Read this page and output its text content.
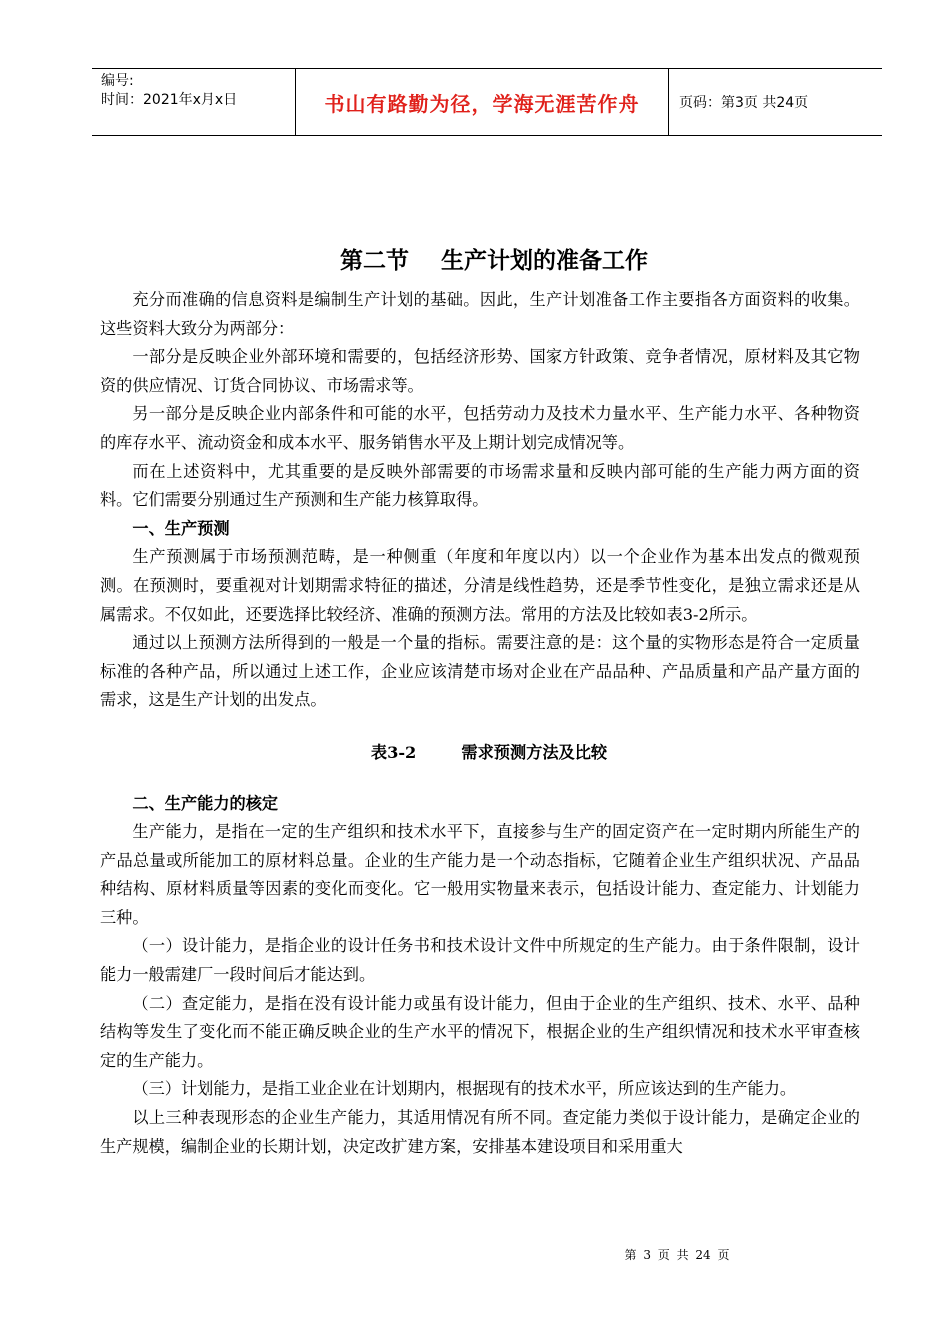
编号:
时间：2021年x月x日	书山有路勤为径，学海无涯苦作舟	页码：第3页 共24页
第二节    生产计划的准备工作

充分而准确的信息资料是编制生产计划的基础。因此，生产计划准备工作主要指各方面资料的收集。这些资料大致分为两部分：

一部分是反映企业外部环境和需要的，包括经济形势、国家方针政策、竞争者情况，原材料及其它物资的供应情况、订货合同协议、市场需求等。

另一部分是反映企业内部条件和可能的水平，包括劳动力及技术力量水平、生产能力水平、各种物资的库存水平、流动资金和成本水平、服务销售水平及上期计划完成情况等。

而在上述资料中，尤其重要的是反映外部需要的市场需求量和反映内部可能的生产能力两方面的资料。它们需要分别通过生产预测和生产能力核算取得。

一、生产预测

生产预测属于市场预测范畴，是一种侧重（年度和年度以内）以一个企业作为基本出发点的微观预测。在预测时，要重视对计划期需求特征的描述，分清是线性趋势，还是季节性变化，是独立需求还是从属需求。不仅如此，还要选择比较经济、准确的预测方法。常用的方法及比较如表3-2所示。

通过以上预测方法所得到的一般是一个量的指标。需要注意的是：这个量的实物形态是符合一定质量标准的各种产品，所以通过上述工作，企业应该清楚市场对企业在产品品种、产品质量和产品产量方面的需求，这是生产计划的出发点。

表3-2        需求预测方法及比较

二、生产能力的核定

生产能力，是指在一定的生产组织和技术水平下，直接参与生产的固定资产在一定时期内所能生产的产品总量或所能加工的原材料总量。企业的生产能力是一个动态指标，它随着企业生产组织状况、产品品种结构、原材料质量等因素的变化而变化。它一般用实物量来表示，包括设计能力、查定能力、计划能力三种。

（一）设计能力，是指企业的设计任务书和技术设计文件中所规定的生产能力。由于条件限制，设计能力一般需建厂一段时间后才能达到。

（二）查定能力，是指在没有设计能力或虽有设计能力，但由于企业的生产组织、技术、水平、品种结构等发生了变化而不能正确反映企业的生产水平的情况下，根据企业的生产组织情况和技术水平审查核定的生产能力。

（三）计划能力，是指工业企业在计划期内，根据现有的技术水平，所应该达到的生产能力。

以上三种表现形态的企业生产能力，其适用情况有所不同。查定能力类似于设计能力，是确定企业的生产规模，编制企业的长期计划，决定改扩建方案，安排基本建设项目和采用重大

第 3 页 共 24 页
